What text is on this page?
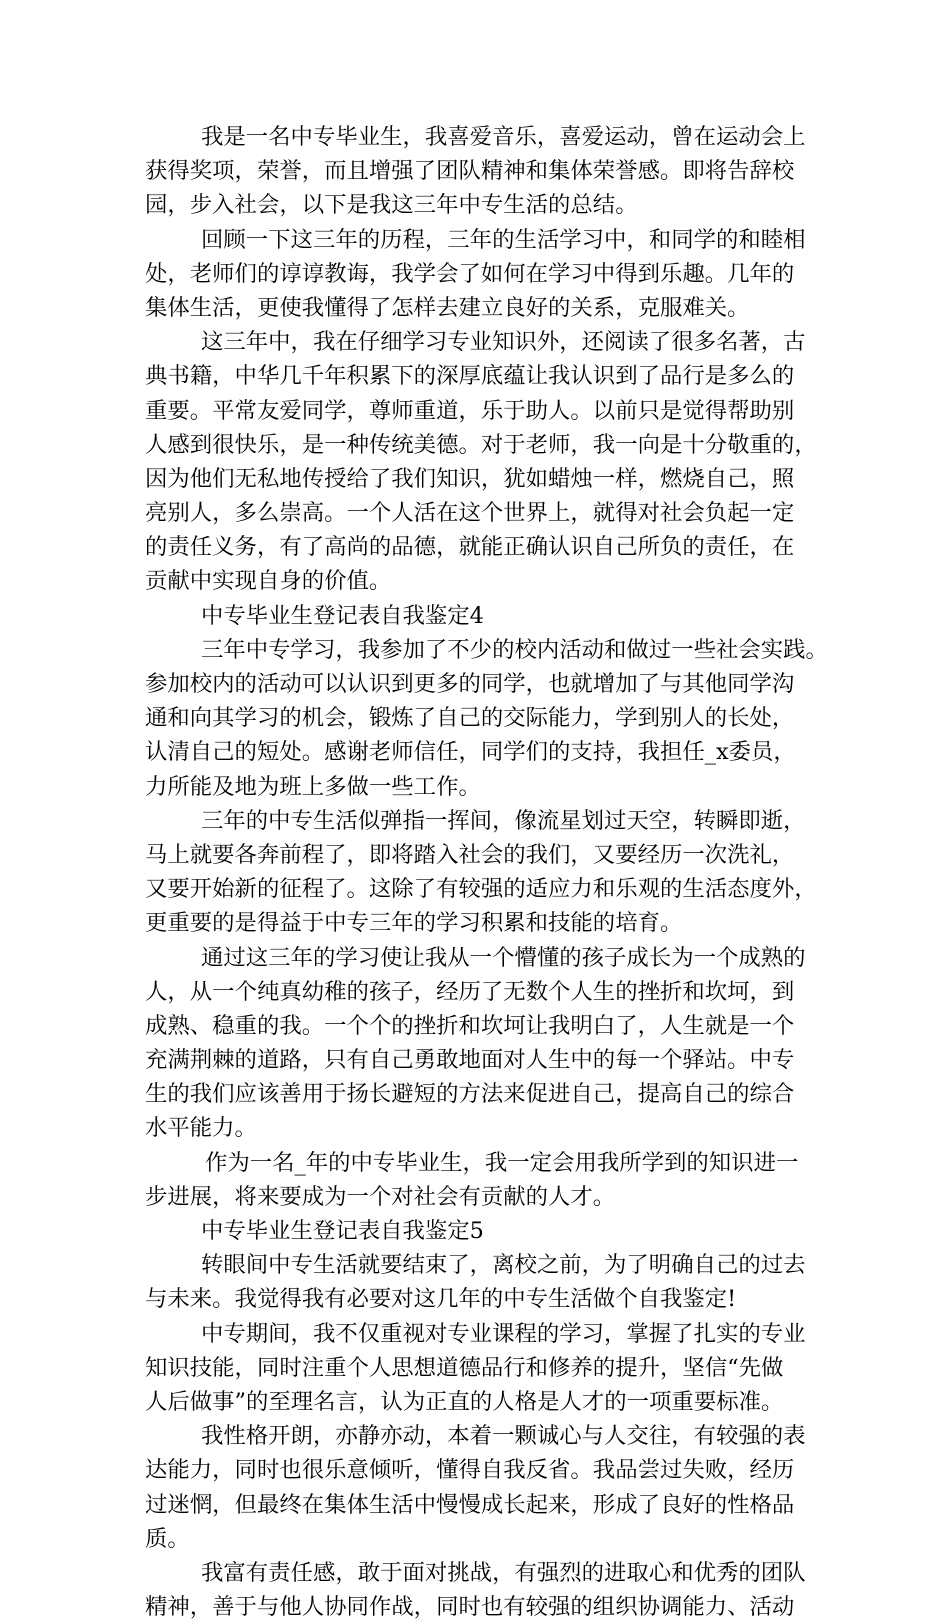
我是一名中专毕业生，我喜爱音乐，喜爱运动，曾在运动会上
获得奖项，荣誉，而且增强了团队精神和集体荣誉感。即将告辞校
园，步入社会，以下是我这三年中专生活的总结。
回顾一下这三年的历程，三年的生活学习中，和同学的和睦相
处，老师们的谆谆教诲，我学会了如何在学习中得到乐趣。几年的
集体生活，更使我懂得了怎样去建立良好的关系，克服难关。
这三年中，我在仔细学习专业知识外，还阅读了很多名著，古
典书籍，中华几千年积累下的深厚底蕴让我认识到了品行是多么的
重要。平常友爱同学，尊师重道，乐于助人。以前只是觉得帮助别
人感到很快乐，是一种传统美德。对于老师，我一向是十分敬重的，
因为他们无私地传授给了我们知识，犹如蜡烛一样，燃烧自己，照
亮别人，多么崇高。一个人活在这个世界上，就得对社会负起一定
的责任义务，有了高尚的品德，就能正确认识自己所负的责任，在
贡献中实现自身的价值。
中专毕业生登记表自我鉴定4
三年中专学习，我参加了不少的校内活动和做过一些社会实践。
参加校内的活动可以认识到更多的同学，也就增加了与其他同学沟
通和向其学习的机会，锻炼了自己的交际能力，学到别人的长处，
认清自己的短处。感谢老师信任，同学们的支持，我担任_x委员，
力所能及地为班上多做一些工作。
三年的中专生活似弹指一挥间，像流星划过天空，转瞬即逝，
马上就要各奔前程了，即将踏入社会的我们，又要经历一次洗礼，
又要开始新的征程了。这除了有较强的适应力和乐观的生活态度外，
更重要的是得益于中专三年的学习积累和技能的培育。
通过这三年的学习使让我从一个懵懂的孩子成长为一个成熟的
人，从一个纯真幼稚的孩子，经历了无数个人生的挫折和坎坷，到
成熟、稳重的我。一个个的挫折和坎坷让我明白了，人生就是一个
充满荆棘的道路，只有自己勇敢地面对人生中的每一个驿站。中专
生的我们应该善用于扬长避短的方法来促进自己，提高自己的综合
水平能力。
作为一名_年的中专毕业生，我一定会用我所学到的知识进一
步进展，将来要成为一个对社会有贡献的人才。
中专毕业生登记表自我鉴定5
转眼间中专生活就要结束了，离校之前，为了明确自己的过去
与未来。我觉得我有必要对这几年的中专生活做个自我鉴定!
中专期间，我不仅重视对专业课程的学习，掌握了扎实的专业
知识技能，同时注重个人思想道德品行和修养的提升，坚信“先做
人后做事”的至理名言，认为正直的人格是人才的一项重要标准。
我性格开朗，亦静亦动，本着一颗诚心与人交往，有较强的表
达能力，同时也很乐意倾听，懂得自我反省。我品尝过失败，经历
过迷惘，但最终在集体生活中慢慢成长起来，形成了良好的性格品
质。
我富有责任感，敢于面对挑战，有强烈的进取心和优秀的团队
精神，善于与他人协同作战，同时也有较强的组织协调能力、活动
